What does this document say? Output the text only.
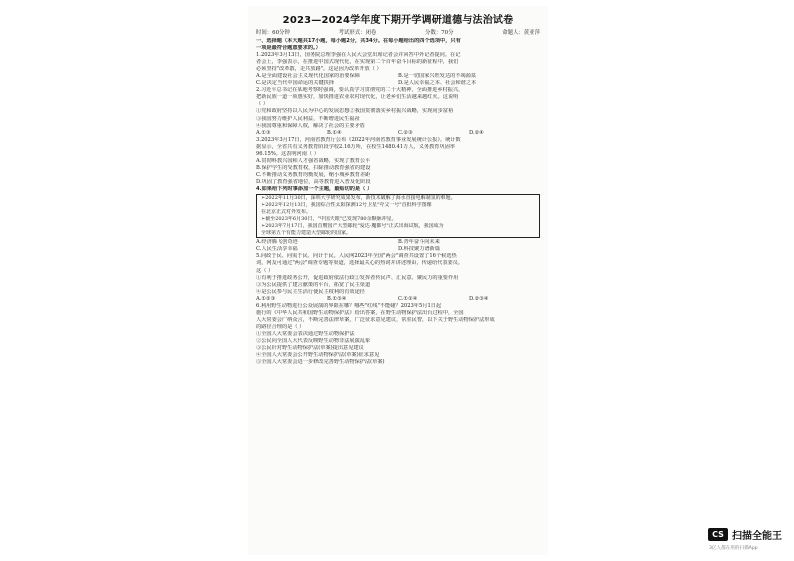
2023—2024学年度下期开学调研道德与法治试卷
时间：60分钟	考试形式：闭卷	分数：70分	命题人：黄亚萍
一、选择题（本大题共17小题，每小题2分，共34分。在每小题给出的四个选项中，只有
一项是最符合题意要求的。）
1.2023年3月13日，国务院总理李强在人民大会堂出席记者会并回答中外记者提问。在记
者会上，李强表示，在推进中国式现代化，在实现第二个百年奋斗目标的新征程中，我们
必须坚持"改革散，走共放路"。这是因为改革开放（ ）
A.是全面建设社会主义现代化国家的治要保障	B.是一切国家兴旺发达的不竭源泉
C.是决定当代中国命运的关键抉择	D.是人民幸福之本、社会和谐之本
2.习近平总书记在某地考察时强调，要认真学习贯彻党的二十大精神，全面推进乡村振兴，
把新民族一道一项惠实好，加快推进农业农村现代化，让老乡们生活越来越红火。这说明
（ ）
①党和政府坚持以人民为中心的发展思想②我国贯彻落实乡村振兴战略，实现同步富裕
③我国努力维护人民利益，不断增进民生福祉
④我国尊重和保障人权，解决了社会的主要矛盾
A.①③	B.①④	C.②③	D.②④
3.2023年3月17日，河南省教育厅公布《2022年河南省教育事业发展统计公报》。统计数
据显示，全省共有义务教育阶段学校2.16万所，在校生1480.41万人，义务教育巩固率
96.15%。这表明河南（ ）
A.贯彻科教兴国和人才强省战略，实现了教育公平
B.保护学生的受教育权，扫除推动教育强省的建设
C.不断推动义务教育均衡发展，缩小城乡教育差距
D.巩固了教育强省地位，高等教育进入普及化阶段
4.如果给下列时事添加一个主题，最贴切的是（ ）
➢2022年11月30日，深圳大学研究成果发布，新技术破解了海水直接电解制氢的难题。
➢2022年12月13日，我国综合性太阳探测12号卫星"夸父一号"首批科学图像
在北京正式对外发布。
➢截至2023年6月30日，"中国天眼"已发现780余颗脉冲星。
➢2023年7月17日，我国首艘国产大型邮轮"爱达·魔都号"正式出海试航，我国成为
全球第五个有能力建造大型邮轮的国家。
A.经济腾飞创奇迹	B.青年奋斗向未来
C.人民生活享幸福	D.科技聚力谱新篇
5.问政于民、问需于民、问计于民。人民网2023年全国"两会"调查共设置了16个候选热
词，网友可通过"两会"调查专题等渠道，选择最关心的热词并讲述理由，传递给代表委员。
这（ ）
①有利于推进政务公开，促进政府依法行政②发挥者传民声、汇民意、聚民力的重要作用
③为公民提供了建言献策的平台，拓宽了民主渠道
④是公民参与民主生活行使民主权利的有效途径
A.①②③	B.①③④	C.①②④	D.②③④
6.利用野生动物进行公众展演的界限在哪？哪些"红线"不能碰？2023年5月1日起
施行的《中华人民共和国野生动物保护法》给出答案，在野生动物保护法出台过程中，全国
人大常委会广纳众言，不断完善法律草案，广泛征求意见建议，常驻民智，以下关于野生动物保护法形成
的路径合理的是（ ）
①全国人大常委会表决通过野生动物保护法
②公民向全国人大代表反映野生动物非法展演乱象
③公民针对野生动物保护法(草案)提出意见建议
④全国人大常委会公开野生动物保护法(草案)征求意见
⑤全国人大常委会进一步修改完善野生动物保护法(草案)
CS 扫描全能王
3亿人都在用的扫描App
